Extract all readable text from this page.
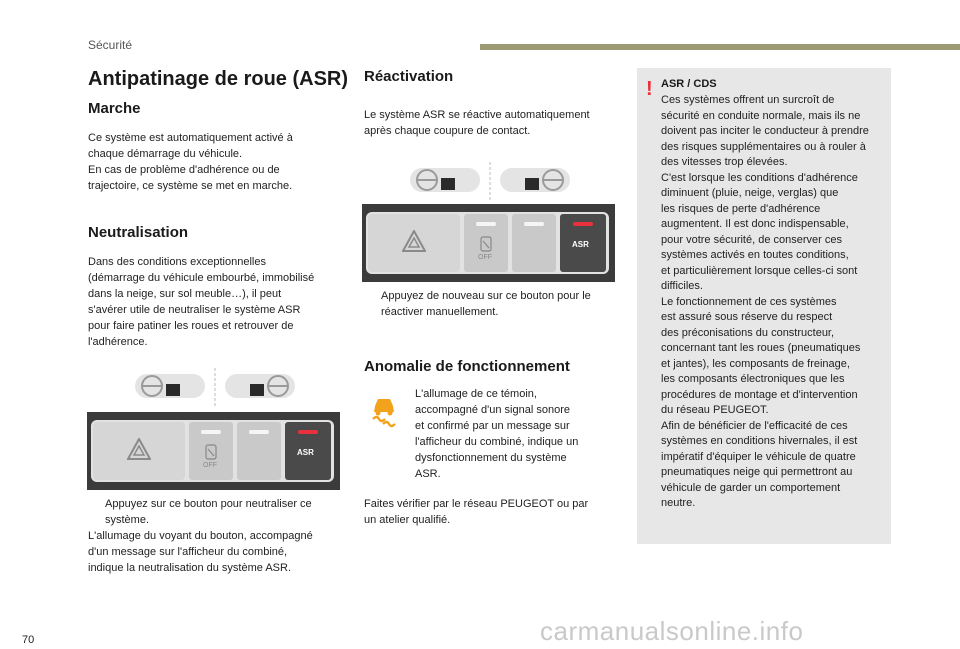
Sécurité
Antipatinage de roue (ASR)
Marche

Ce système est automatiquement activé à
chaque démarrage du véhicule.
En cas de problème d'adhérence ou de
trajectoire, ce système se met en marche.

Neutralisation

Dans des conditions exceptionnelles
(démarrage du véhicule embourbé, immobilisé
dans la neige, sur sol meuble…), il peut
s'avérer utile de neutraliser le système ASR
pour faire patiner les roues et retrouver de
l'adhérence.

OFF
ASR
Appuyez sur ce bouton pour neutraliser ce
système.

L'allumage du voyant du bouton, accompagné
d'un message sur l'afficheur du combiné,
indique la neutralisation du système ASR.

Réactivation

Le système ASR se réactive automatiquement
après chaque coupure de contact.

OFF
ASR
Appuyez de nouveau sur ce bouton pour le
réactiver manuellement.
Anomalie de fonctionnement

L'allumage de ce témoin,
accompagné d'un signal sonore
et confirmé par un message sur
l'afficheur du combiné, indique un
dysfonctionnement du système
ASR.

Faites vérifier par le réseau PEUGEOT ou par
un atelier qualifié.

! ASR / CDS
Ces systèmes offrent un surcroît de
sécurité en conduite normale, mais ils ne
doivent pas inciter le conducteur à prendre
des risques supplémentaires ou à rouler à
des vitesses trop élevées.
C'est lorsque les conditions d'adhérence
diminuent (pluie, neige, verglas) que
les risques de perte d'adhérence
augmentent. Il est donc indispensable,
pour votre sécurité, de conserver ces
systèmes activés en toutes conditions,
et particulièrement lorsque celles-ci sont
difficiles.
Le fonctionnement de ces systèmes
est assuré sous réserve du respect
des préconisations du constructeur,
concernant tant les roues (pneumatiques
et jantes), les composants de freinage,
les composants électroniques que les
procédures de montage et d'intervention
du réseau PEUGEOT.
Afin de bénéficier de l'efficacité de ces
systèmes en conditions hivernales, il est
impératif d'équiper le véhicule de quatre
pneumatiques neige qui permettront au
véhicule de garder un comportement
neutre.
70	carmanualsonline.info
